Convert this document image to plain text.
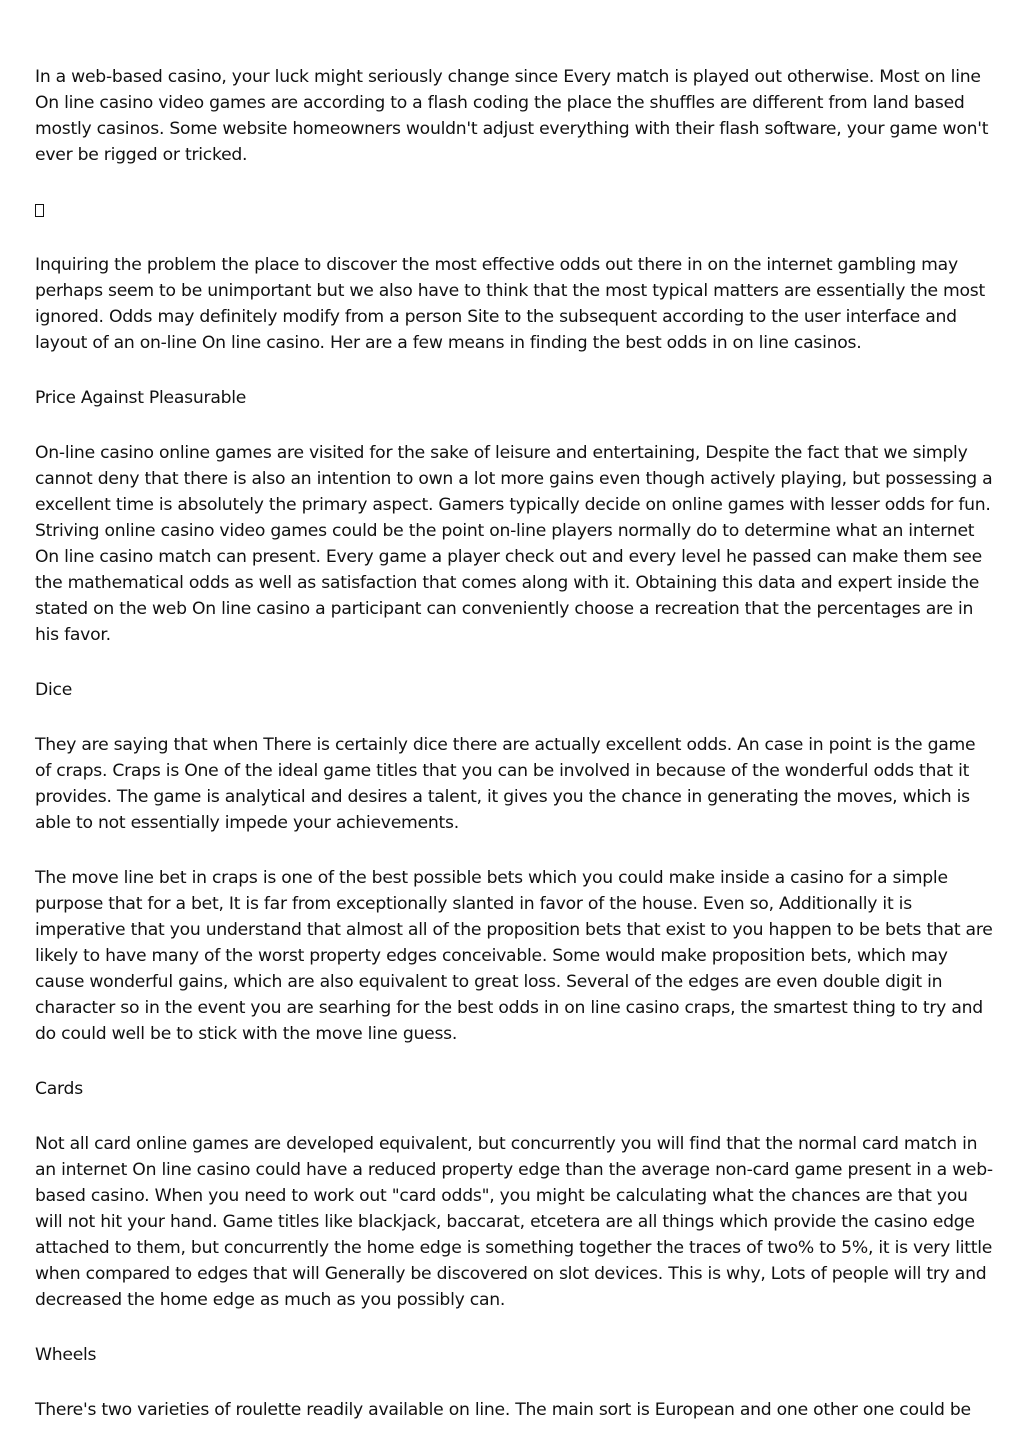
In a web-based casino, your luck might seriously change since Every match is played out otherwise. Most on line On line casino video games are according to a flash coding the place the shuffles are different from land based mostly casinos. Some website homeowners wouldn't adjust everything with their flash software, your game won't ever be rigged or tricked.

Inquiring the problem the place to discover the most effective odds out there in on the internet gambling may perhaps seem to be unimportant but we also have to think that the most typical matters are essentially the most ignored. Odds may definitely modify from a person Site to the subsequent according to the user interface and layout of an on-line On line casino. Her are a few means in finding the best odds in on line casinos.

Price Against Pleasurable

On-line casino online games are visited for the sake of leisure and entertaining, Despite the fact that we simply cannot deny that there is also an intention to own a lot more gains even though actively playing, but possessing a excellent time is absolutely the primary aspect. Gamers typically decide on online games with lesser odds for fun. Striving online casino video games could be the point on-line players normally do to determine what an internet On line casino match can present. Every game a player check out and every level he passed can make them see the mathematical odds as well as satisfaction that comes along with it. Obtaining this data and expert inside the stated on the web On line casino a participant can conveniently choose a recreation that the percentages are in his favor.

Dice

They are saying that when There is certainly dice there are actually excellent odds. An case in point is the game of craps. Craps is One of the ideal game titles that you can be involved in because of the wonderful odds that it provides. The game is analytical and desires a talent, it gives you the chance in generating the moves, which is able to not essentially impede your achievements.

The move line bet in craps is one of the best possible bets which you could make inside a casino for a simple purpose that for a bet, It is far from exceptionally slanted in favor of the house. Even so, Additionally it is imperative that you understand that almost all of the proposition bets that exist to you happen to be bets that are likely to have many of the worst property edges conceivable. Some would make proposition bets, which may cause wonderful gains, which are also equivalent to great loss. Several of the edges are even double digit in character so in the event you are searhing for the best odds in on line casino craps, the smartest thing to try and do could well be to stick with the move line guess.

Cards

Not all card online games are developed equivalent, but concurrently you will find that the normal card match in an internet On line casino could have a reduced property edge than the average non-card game present in a web-based casino. When you need to work out "card odds", you might be calculating what the chances are that you will not hit your hand. Game titles like blackjack, baccarat, etcetera are all things which provide the casino edge attached to them, but concurrently the home edge is something together the traces of two% to 5%, it is very little when compared to edges that will Generally be discovered on slot devices. This is why, Lots of people will try and decreased the home edge as much as you possibly can.

Wheels

There's two varieties of roulette readily available on line. The main sort is European and one other one could be
